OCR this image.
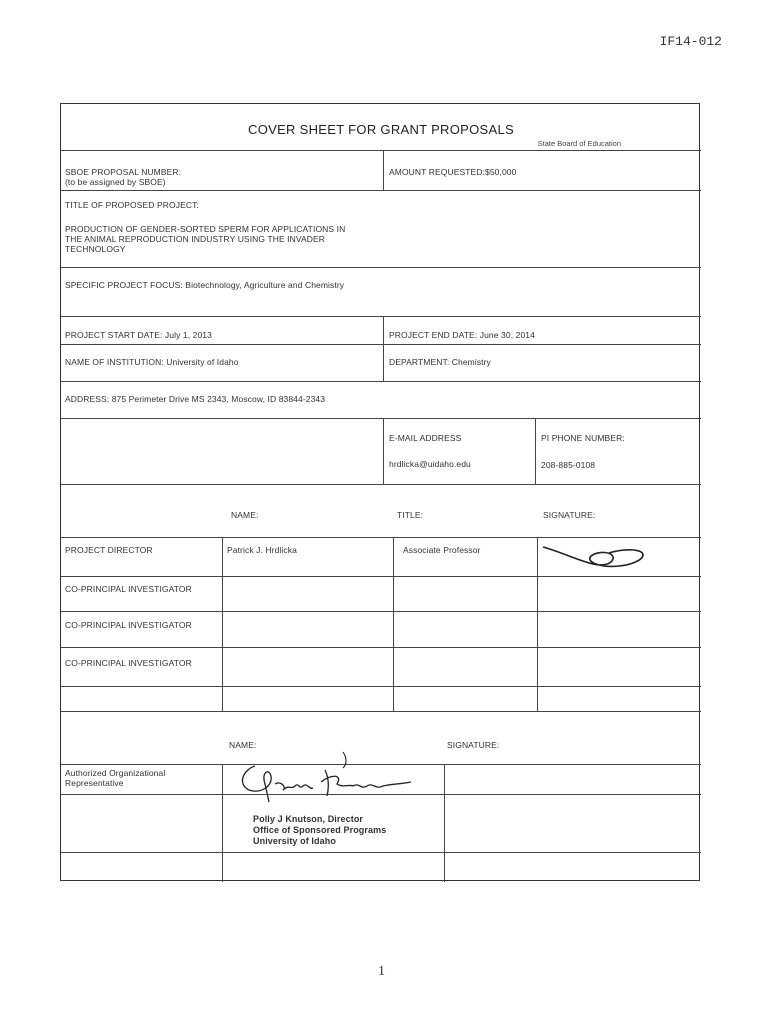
IF14-012
COVER SHEET FOR GRANT PROPOSALS
State Board of Education
SBOE PROPOSAL NUMBER:
(to be assigned by SBOE)
AMOUNT REQUESTED:$50,000
TITLE OF PROPOSED PROJECT:
PRODUCTION OF GENDER-SORTED SPERM FOR APPLICATIONS IN
THE ANIMAL REPRODUCTION INDUSTRY USING THE INVADER
TECHNOLOGY
SPECIFIC PROJECT FOCUS: Biotechnology, Agriculture and Chemistry
PROJECT START DATE: July 1, 2013	PROJECT END DATE: June 30, 2014
NAME OF INSTITUTION: University of Idaho	DEPARTMENT: Chemistry
ADDRESS: 875 Perimeter Drive MS 2343, Moscow, ID 83844-2343
E-MAIL ADDRESS
hrdlicka@uidaho.edu
PI PHONE NUMBER:
208-885-0108
NAME:	TITLE:	SIGNATURE:
PROJECT DIRECTOR	Patrick J. Hrdlicka	Associate Professor
CO-PRINCIPAL INVESTIGATOR
CO-PRINCIPAL INVESTIGATOR
CO-PRINCIPAL INVESTIGATOR
NAME:	SIGNATURE:
Authorized Organizational
Representative
Polly J Knutson, Director
Office of Sponsored Programs
University of Idaho
1
